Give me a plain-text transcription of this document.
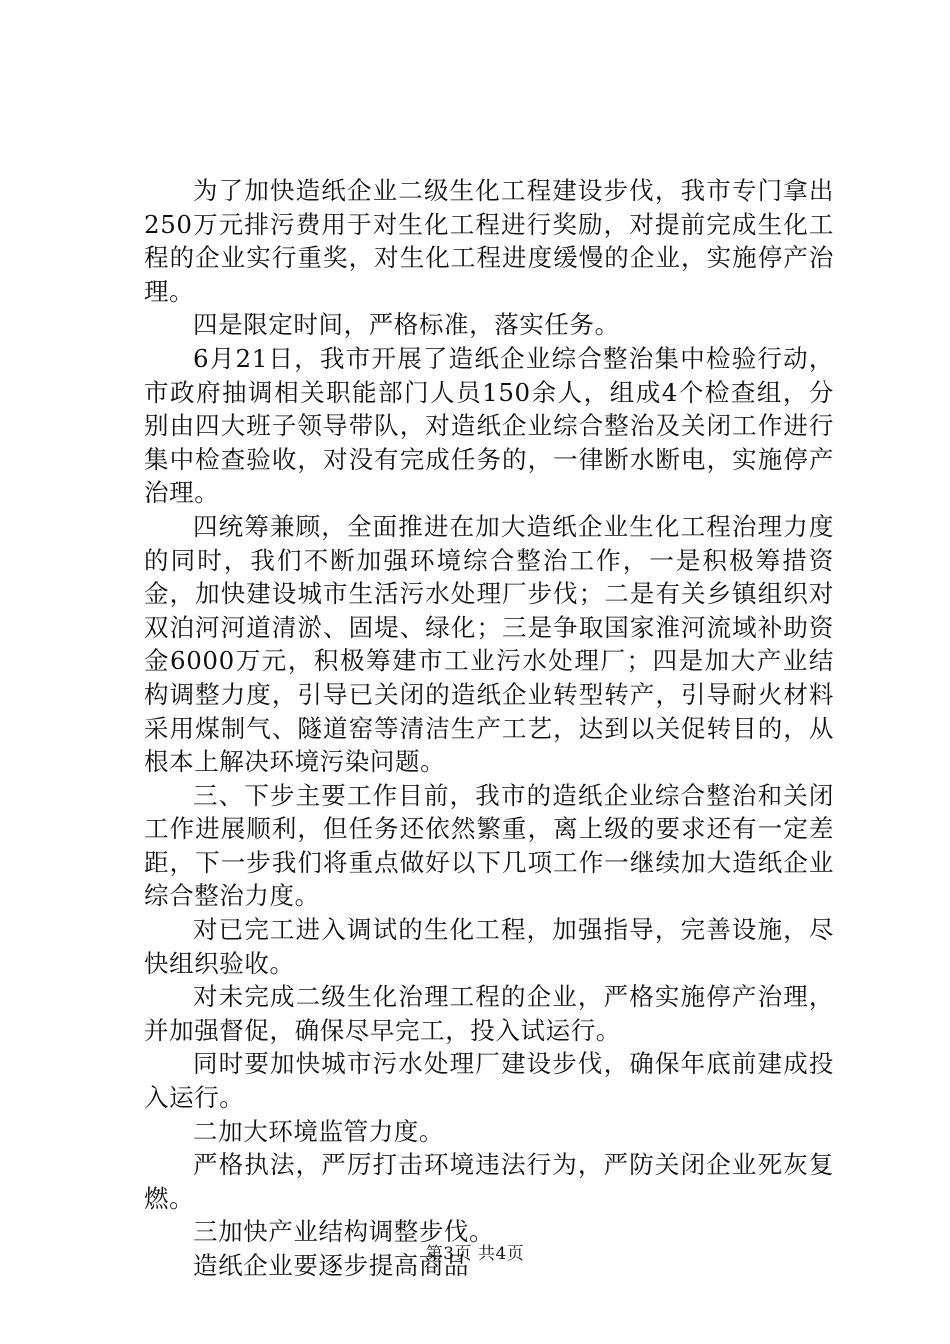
为了加快造纸企业二级生化工程建设步伐，我市专门拿出250万元排污费用于对生化工程进行奖励，对提前完成生化工程的企业实行重奖，对生化工程进度缓慢的企业，实施停产治理。

四是限定时间，严格标准，落实任务。

6月21日，我市开展了造纸企业综合整治集中检验行动，市政府抽调相关职能部门人员150余人，组成4个检查组，分别由四大班子领导带队，对造纸企业综合整治及关闭工作进行集中检查验收，对没有完成任务的，一律断水断电，实施停产治理。

四统筹兼顾，全面推进在加大造纸企业生化工程治理力度的同时，我们不断加强环境综合整治工作，一是积极筹措资金，加快建设城市生活污水处理厂步伐；二是有关乡镇组织对双泊河河道清淤、固堤、绿化；三是争取国家淮河流域补助资金6000万元，积极筹建市工业污水处理厂；四是加大产业结构调整力度，引导已关闭的造纸企业转型转产，引导耐火材料采用煤制气、隧道窑等清洁生产工艺，达到以关促转目的，从根本上解决环境污染问题。

三、下步主要工作目前，我市的造纸企业综合整治和关闭工作进展顺利，但任务还依然繁重，离上级的要求还有一定差距，下一步我们将重点做好以下几项工作一继续加大造纸企业综合整治力度。

对已完工进入调试的生化工程，加强指导，完善设施，尽快组织验收。

对未完成二级生化治理工程的企业，严格实施停产治理，并加强督促，确保尽早完工，投入试运行。

同时要加快城市污水处理厂建设步伐，确保年底前建成投入运行。

二加大环境监管力度。

严格执法，严厉打击环境违法行为，严防关闭企业死灰复燃。

三加快产业结构调整步伐。

造纸企业要逐步提高商品

第3页 共4页
